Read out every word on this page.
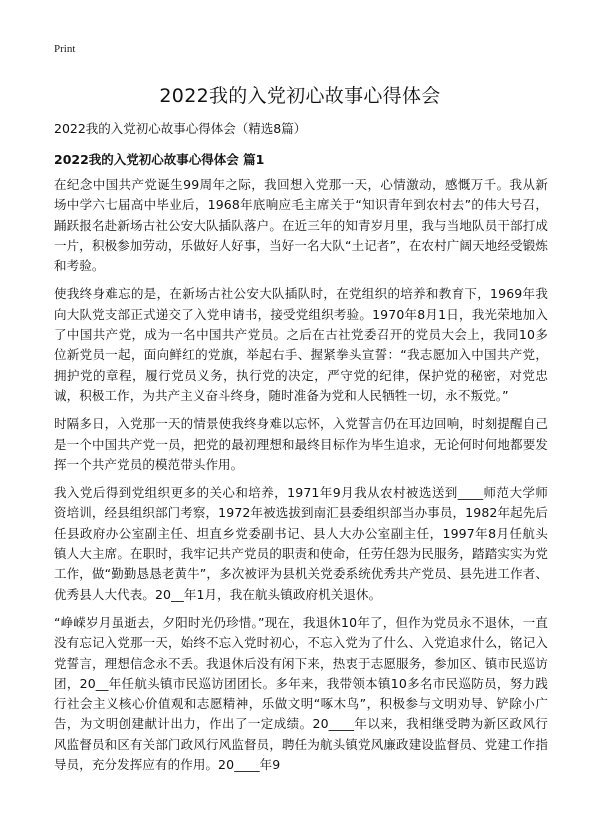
Print
2022我的入党初心故事心得体会
2022我的入党初心故事心得体会（精选8篇）
2022我的入党初心故事心得体会 篇1

在纪念中国共产党诞生99周年之际，我回想入党那一天，心情激动，感慨万千。我从新场中学六七届高中毕业后，1968年底响应毛主席关于“知识青年到农村去”的伟大号召，踊跃报名赴新场古社公安大队插队落户。在近三年的知青岁月里，我与当地队员干部打成一片，积极参加劳动，乐做好人好事，当好一名大队“土记者”，在农村广阔天地经受锻炼和考验。

使我终身难忘的是，在新场古社公安大队插队时，在党组织的培养和教育下，1969年我向大队党支部正式递交了入党申请书，接受党组织考验。1970年8月1日，我光荣地加入了中国共产党，成为一名中国共产党员。之后在古社党委召开的党员大会上，我同10多位新党员一起，面向鲜红的党旗，举起右手、握紧拳头宣誓：“我志愿加入中国共产党，拥护党的章程，履行党员义务，执行党的决定，严守党的纪律，保护党的秘密，对党忠诚，积极工作，为共产主义奋斗终身，随时准备为党和人民牺牲一切，永不叛党。”

时隔多日，入党那一天的情景使我终身难以忘怀，入党誓言仍在耳边回响，时刻提醒自己是一个中国共产党一员，把党的最初理想和最终目标作为毕生追求，无论何时何地都要发挥一个共产党员的模范带头作用。

我入党后得到党组织更多的关心和培养，1971年9月我从农村被选送到____师范大学师资培训，经县组织部门考察，1972年被选拔到南汇县委组织部当办事员，1982年起先后任县政府办公室副主任、坦直乡党委副书记、县人大办公室副主任，1997年8月任航头镇人大主席。在职时，我牢记共产党员的职责和使命，任劳任怨为民服务，踏踏实实为党工作，做“勤勤恳恳老黄牛”，多次被评为县机关党委系统优秀共产党员、县先进工作者、优秀县人大代表。20__年1月，我在航头镇政府机关退休。

“峥嵘岁月虽逝去，夕阳时光仍珍惜。”现在，我退休10年了，但作为党员永不退休，一直没有忘记入党那一天，始终不忘入党时初心，不忘入党为了什么、入党追求什么，铭记入党誓言，理想信念永不丢。我退休后没有闲下来，热衷于志愿服务，参加区、镇市民巡访团，20__年任航头镇市民巡访团团长。多年来，我带领本镇10多名市民巡防员，努力践行社会主义核心价值观和志愿精神，乐做文明“啄木鸟”，积极参与文明劝导、铲除小广告，为文明创建献计出力，作出了一定成绩。20____年以来，我相继受聘为新区政风行风监督员和区有关部门政风行风监督员，聘任为航头镇党风廉政建设监督员、党建工作指导员，充分发挥应有的作用。20____年9
